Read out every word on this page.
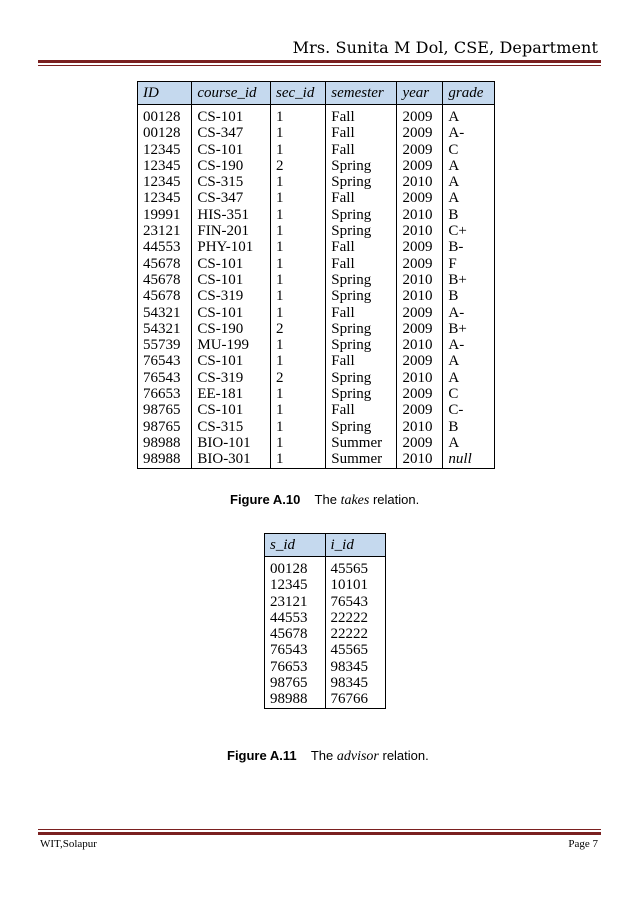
Mrs. Sunita M Dol, CSE, Department
ID	course_id	sec_id	semester	year	grade

00128	CS-101	1	Fall	2009	A
00128	CS-347	1	Fall	2009	A-
12345	CS-101	1	Fall	2009	C
12345	CS-190	2	Spring	2009	A
12345	CS-315	1	Spring	2010	A
12345	CS-347	1	Fall	2009	A
19991	HIS-351	1	Spring	2010	B
23121	FIN-201	1	Spring	2010	C+
44553	PHY-101	1	Fall	2009	B-
45678	CS-101	1	Fall	2009	F
45678	CS-101	1	Spring	2010	B+
45678	CS-319	1	Spring	2010	B
54321	CS-101	1	Fall	2009	A-
54321	CS-190	2	Spring	2009	B+
55739	MU-199	1	Spring	2010	A-
76543	CS-101	1	Fall	2009	A
76543	CS-319	2	Spring	2010	A
76653	EE-181	1	Spring	2009	C
98765	CS-101	1	Fall	2009	C-
98765	CS-315	1	Spring	2010	B
98988	BIO-101	1	Summer	2009	A
98988	BIO-301	1	Summer	2010	null
Figure A.10 The takes relation.
s_id	i_id

00128	45565
12345	10101
23121	76543
44553	22222
45678	22222
76543	45565
76653	98345
98765	98345
98988	76766
Figure A.11 The advisor relation.
WIT,Solapur	Page 7
